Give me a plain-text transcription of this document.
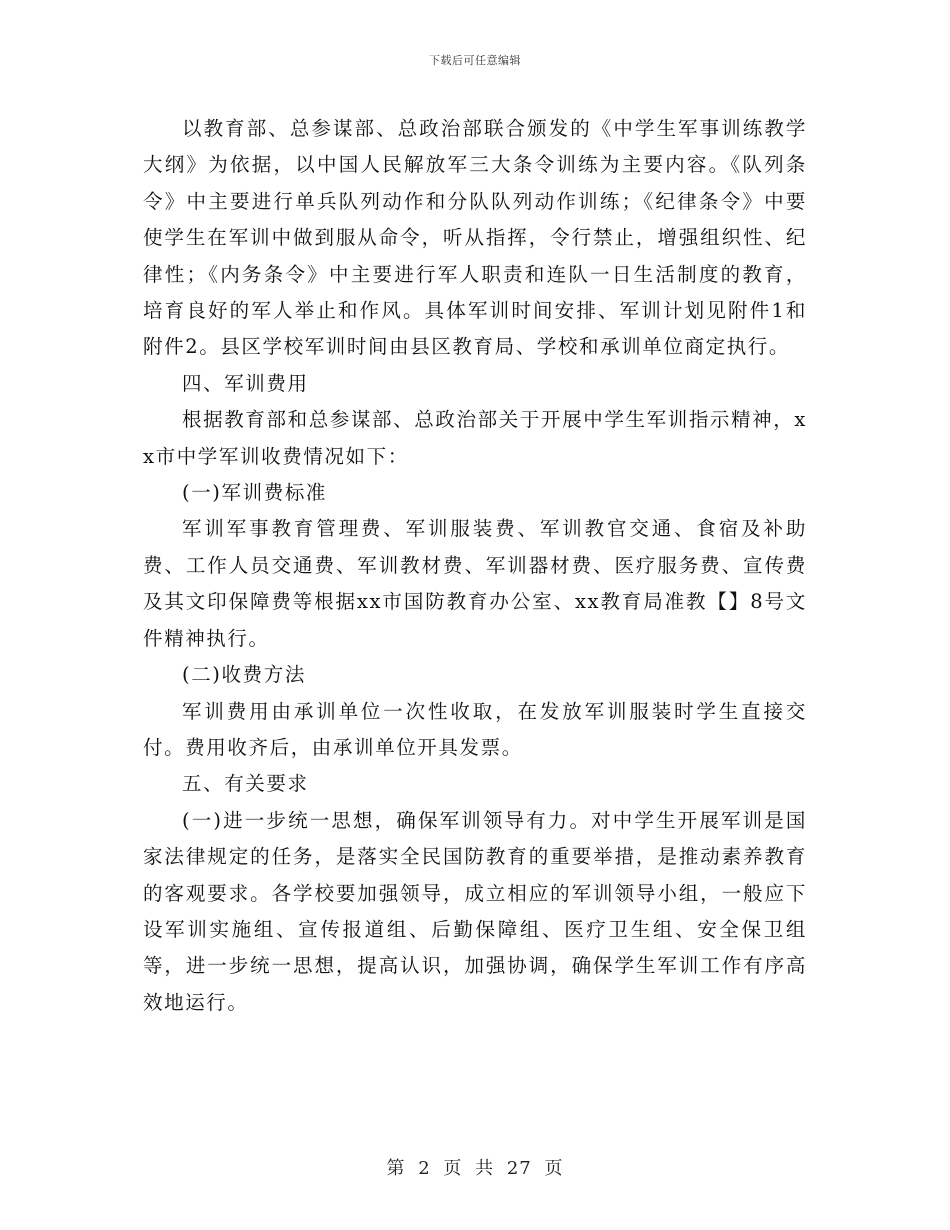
下载后可任意编辑

以教育部、总参谋部、总政治部联合颁发的《中学生军事训练教学大纲》为依据，以中国人民解放军三大条令训练为主要内容。《队列条令》中主要进行单兵队列动作和分队队列动作训练；《纪律条令》中要使学生在军训中做到服从命令，听从指挥，令行禁止，增强组织性、纪律性；《内务条令》中主要进行军人职责和连队一日生活制度的教育，培育良好的军人举止和作风。具体军训时间安排、军训计划见附件1和附件2。县区学校军训时间由县区教育局、学校和承训单位商定执行。

四、军训费用

根据教育部和总参谋部、总政治部关于开展中学生军训指示精神，xx市中学军训收费情况如下：

(一)军训费标准

军训军事教育管理费、军训服装费、军训教官交通、食宿及补助费、工作人员交通费、军训教材费、军训器材费、医疗服务费、宣传费及其文印保障费等根据xx市国防教育办公室、xx教育局准教【】8号文件精神执行。

(二)收费方法

军训费用由承训单位一次性收取，在发放军训服装时学生直接交付。费用收齐后，由承训单位开具发票。

五、有关要求

(一)进一步统一思想，确保军训领导有力。对中学生开展军训是国家法律规定的任务，是落实全民国防教育的重要举措，是推动素养教育的客观要求。各学校要加强领导，成立相应的军训领导小组，一般应下设军训实施组、宣传报道组、后勤保障组、医疗卫生组、安全保卫组等，进一步统一思想，提高认识，加强协调，确保学生军训工作有序高效地运行。

第 2 页 共 27 页
